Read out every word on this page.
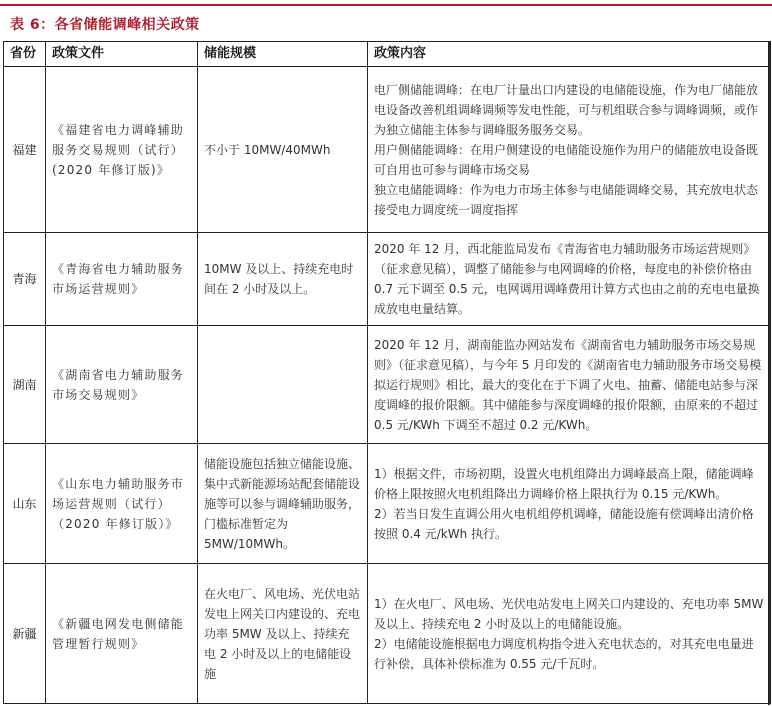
表 6：各省储能调峰相关政策
省份	政策文件	储能规模	政策内容
福建	《福建省电力调峰辅助服务交易规则（试行）(2020 年修订版)》	不小于 10MW/40MWh	电厂侧储能调峰：在电厂计量出口内建设的电储能设施，作为电厂储能放电设备改善机组调峰调频等发电性能，可与机组联合参与调峰调频，或作为独立储能主体参与调峰服务服务交易。

用户侧储能调峰：在用户侧建设的电储能设施作为用户的储能放电设备既可自用也可参与调峰市场交易

独立电储能调峰：作为电力市场主体参与电储能调峰交易，其充放电状态接受电力调度统一调度指挥

青海	《青海省电力辅助服务市场运营规则》	10MW 及以上、持续充电时间在 2 小时及以上。	2020 年 12 月，西北能监局发布《青海省电力辅助服务市场运营规则》（征求意见稿），调整了储能参与电网调峰的价格，每度电的补偿价格由 0.7 元下调至 0.5 元，电网调用调峰费用计算方式也由之前的充电电量换成放电电量结算。

湖南	《湖南省电力辅助服务市场交易规则》		2020 年 12 月，湖南能监办网站发布《湖南省电力辅助服务市场交易规则》（征求意见稿），与今年 5 月印发的《湖南省电力辅助服务市场交易模拟运行规则》相比，最大的变化在于下调了火电、抽蓄、储能电站参与深度调峰的报价限额。其中储能参与深度调峰的报价限额，由原来的不超过 0.5 元/KWh 下调至不超过 0.2 元/KWh。

山东	《山东电力辅助服务市场运营规则（试行）（2020 年修订版）》	储能设施包括独立储能设施、集中式新能源场站配套储能设施等可以参与调峰辅助服务，门槛标准暂定为 5MW/10MWh。	1）根据文件，市场初期，设置火电机组降出力调峰最高上限，储能调峰价格上限按照火电机组降出力调峰价格上限执行为 0.15 元/KWh。

2）若当日发生直调公用火电机组停机调峰，储能设施有偿调峰出清价格按照 0.4 元/kWh 执行。

新疆	《新疆电网发电侧储能管理暂行规则》	在火电厂、风电场、光伏电站发电上网关口内建设的、充电功率 5MW 及以上、持续充电 2 小时及以上的电储能设施	1）在火电厂、风电场、光伏电站发电上网关口内建设的、充电功率 5MW 及以上、持续充电 2 小时及以上的电储能设施。

2）电储能设施根据电力调度机构指令进入充电状态的，对其充电电量进行补偿，具体补偿标准为 0.55 元/千瓦时。
